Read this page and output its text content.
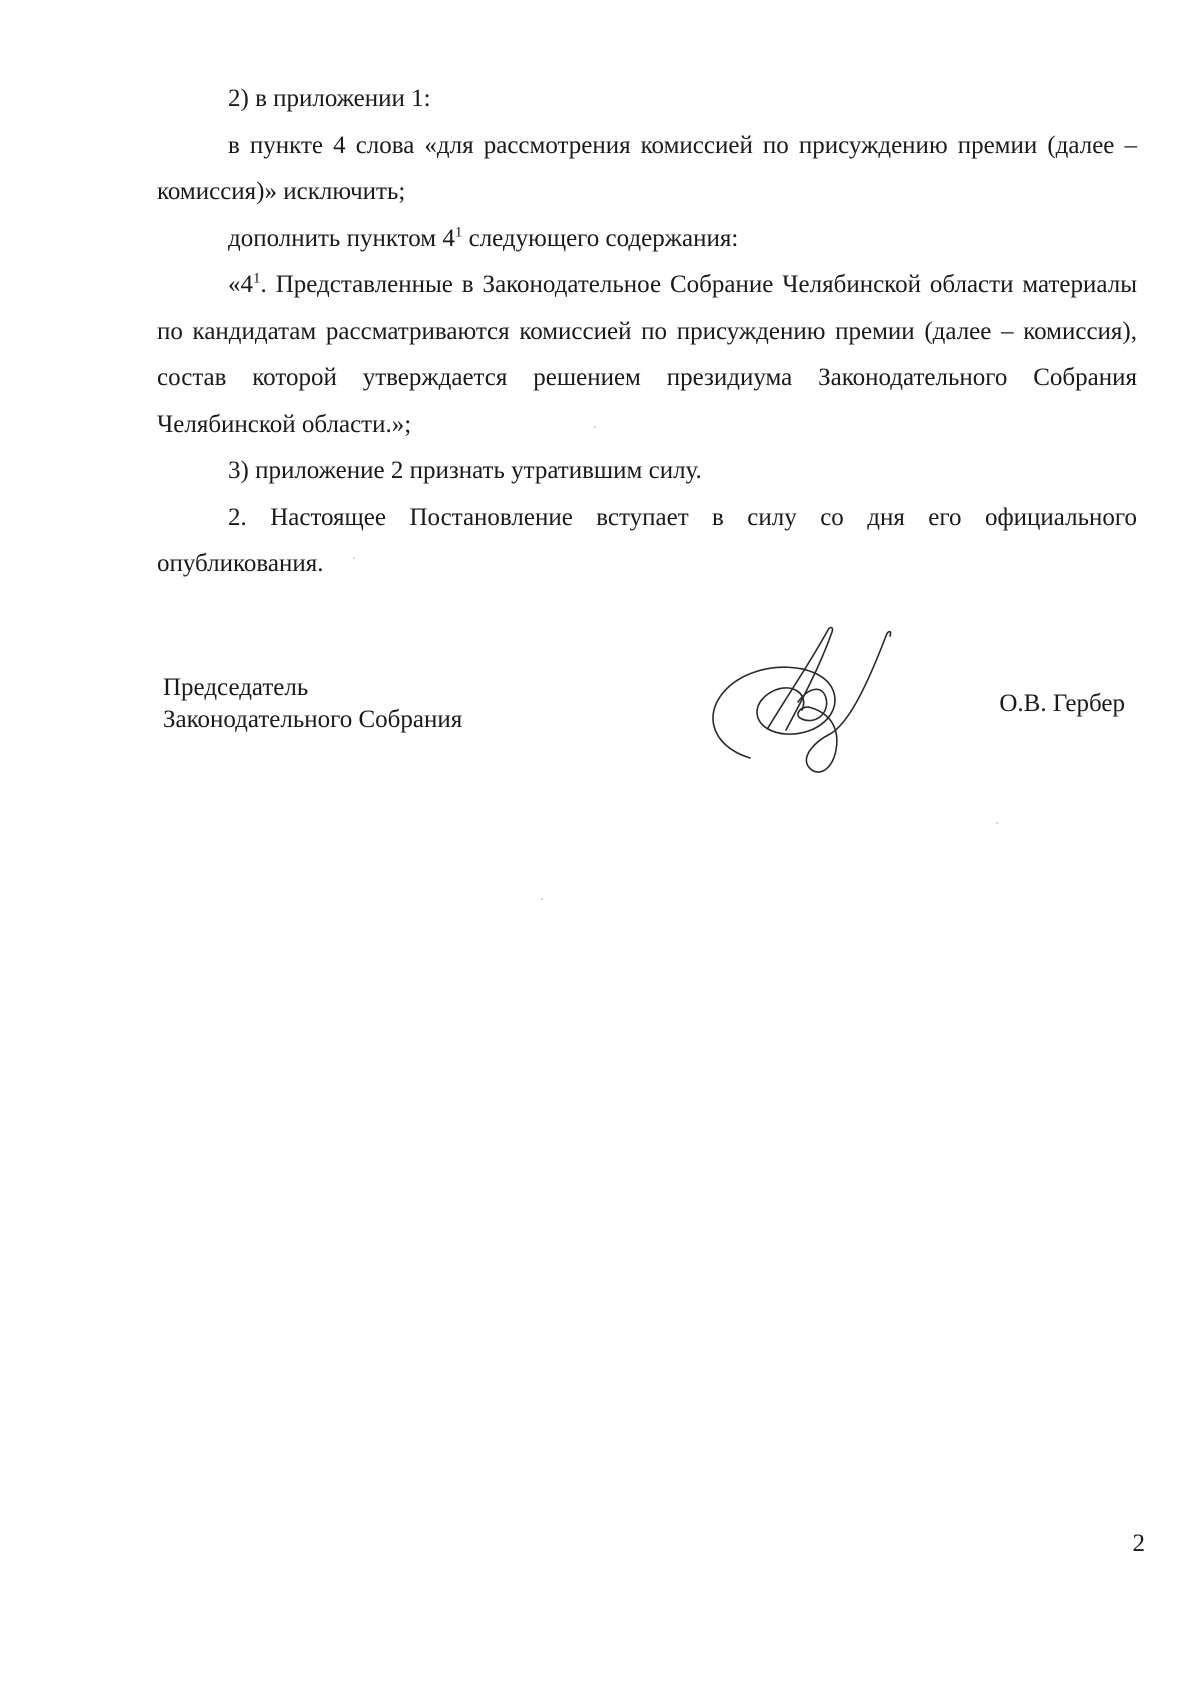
2) в приложении 1:

в пункте 4 слова «для рассмотрения комиссией по присуждению премии (далее – комиссия)» исключить;

дополнить пунктом $4^1$ следующего содержания:

«$4^1$. Представленные в Законодательное Собрание Челябинской области материалы по кандидатам рассматриваются комиссией по присуждению премии (далее – комиссия), состав которой утверждается решением президиума Законодательного Собрания Челябинской области.»;

3) приложение 2 признать утратившим силу.

2. Настоящее Постановление вступает в силу со дня его официального опубликования.

Председатель
Законодательного Собрания
О.В. Гербер
2
